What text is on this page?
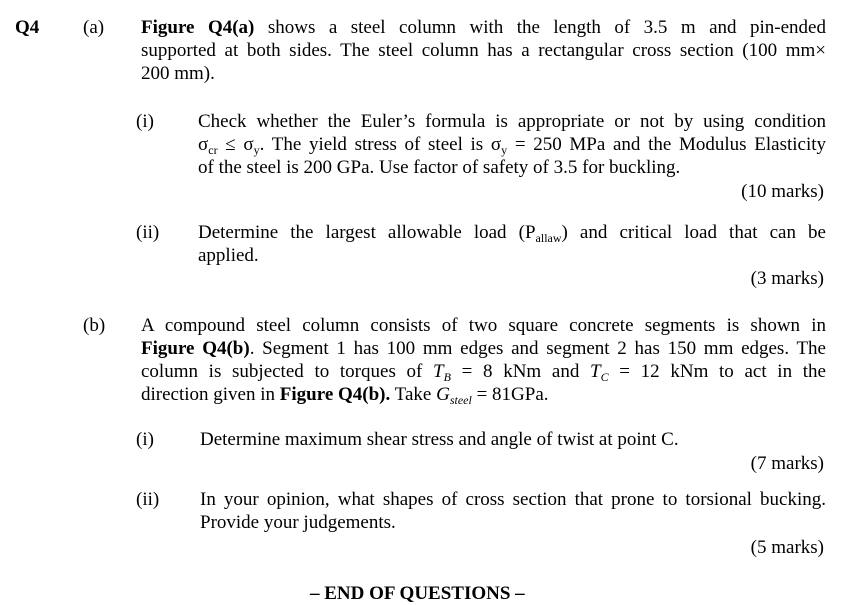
Q4 (a) Figure Q4(a) shows a steel column with the length of 3.5 m and pin-ended
supported at both sides. The steel column has a rectangular cross section (100 mm×
200 mm).
(i) Check whether the Euler’s formula is appropriate or not by using condition
$\sigma_{cr} \le \sigma_y$. The yield stress of steel is $\sigma_y = 250$ MPa and the Modulus Elasticity
of the steel is 200 GPa. Use factor of safety of 3.5 for buckling.
(10 marks)
(ii) Determine the largest allowable load $(P_{allaw})$ and critical load that can be
applied.
(3 marks)
(b) A compound steel column consists of two square concrete segments is shown in
Figure Q4(b). Segment 1 has 100 mm edges and segment 2 has 150 mm edges. The
column is subjected to torques of $T_B = 8$ kNm and $T_C = 12$ kNm to act in the
direction given in Figure Q4(b). Take $G_{steel} = 81GPa$.
(i) Determine maximum shear stress and angle of twist at point C.
(7 marks)
(ii) In your opinion, what shapes of cross section that prone to torsional bucking.
Provide your judgements.
(5 marks)
– END OF QUESTIONS –
